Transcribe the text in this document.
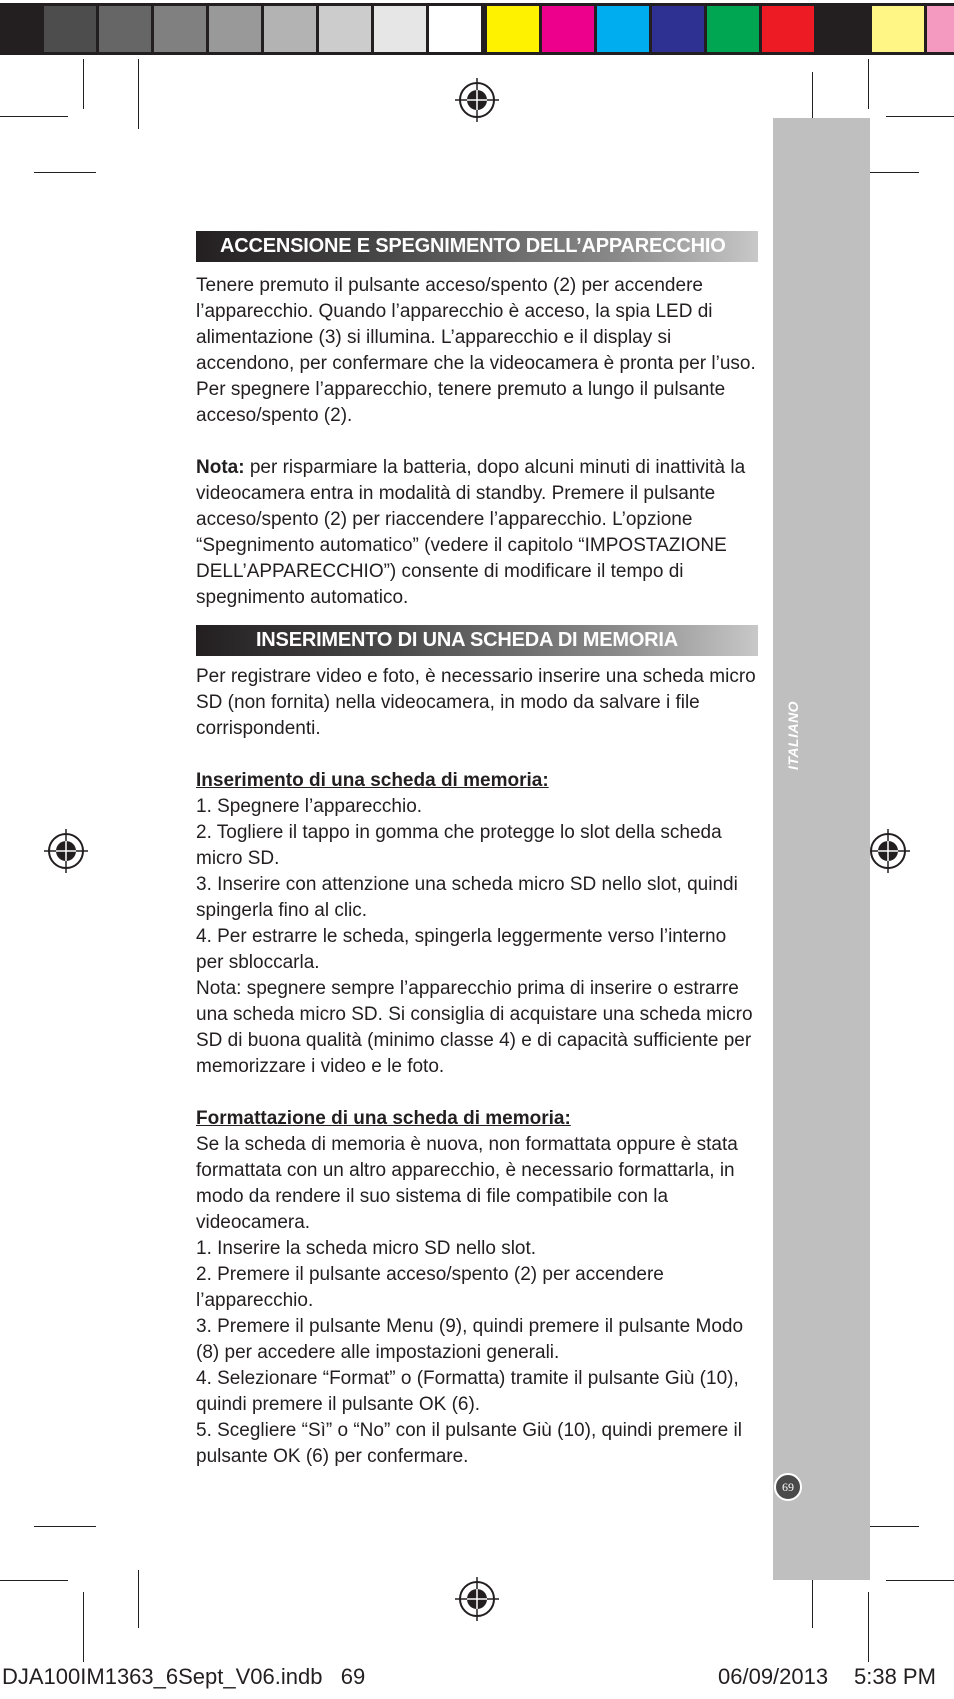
ITALIANO
69
ACCENSIONE E SPEGNIMENTO DELL’APPARECCHIO

Tenere premuto il pulsante acceso/spento (2) per accendere l’apparecchio. Quando l’apparecchio è acceso, la spia LED di alimentazione (3) si illumina. L’apparecchio e il display si accendono, per confermare che la videocamera è pronta per l’uso. Per spegnere l’apparecchio, tenere premuto a lungo il pulsante acceso/spento (2).

Nota: per risparmiare la batteria, dopo alcuni minuti di inattività la videocamera entra in modalità di standby. Premere il pulsante acceso/spento (2) per riaccendere l’apparecchio. L’opzione “Spegnimento automatico” (vedere il capitolo “IMPOSTAZIONE DELL’APPARECCHIO”) consente di modificare il tempo di spegnimento automatico.

INSERIMENTO DI UNA SCHEDA DI MEMORIA

Per registrare video e foto, è necessario inserire una scheda micro SD (non fornita) nella videocamera, in modo da salvare i file corrispondenti.

Inserimento di una scheda di memoria:

1. Spegnere l’apparecchio.

2. Togliere il tappo in gomma che protegge lo slot della scheda micro SD.

3. Inserire con attenzione una scheda micro SD nello slot, quindi spingerla fino al clic.

4. Per estrarre le scheda, spingerla leggermente verso l’interno per sbloccarla.

Nota: spegnere sempre l’apparecchio prima di inserire o estrarre una scheda micro SD. Si consiglia di acquistare una scheda micro SD di buona qualità (minimo classe 4) e di capacità sufficiente per memorizzare i video e le foto.

Formattazione di una scheda di memoria:

Se la scheda di memoria è nuova, non formattata oppure è stata formattata con un altro apparecchio, è necessario formattarla, in modo da rendere il suo sistema di file compatibile con la videocamera.

1. Inserire la scheda micro SD nello slot.

2. Premere il pulsante acceso/spento (2) per accendere l’apparecchio.

3. Premere il pulsante Menu (9), quindi premere il pulsante Modo (8) per accedere alle impostazioni generali.

4. Selezionare “Format” o (Formatta) tramite il pulsante Giù (10), quindi premere il pulsante OK (6).

5. Scegliere “Sì” o “No” con il pulsante Giù (10), quindi premere il pulsante OK (6) per confermare.

DJA100IM1363_6Sept_V06.indb   69	06/09/2013 5:38 PM
